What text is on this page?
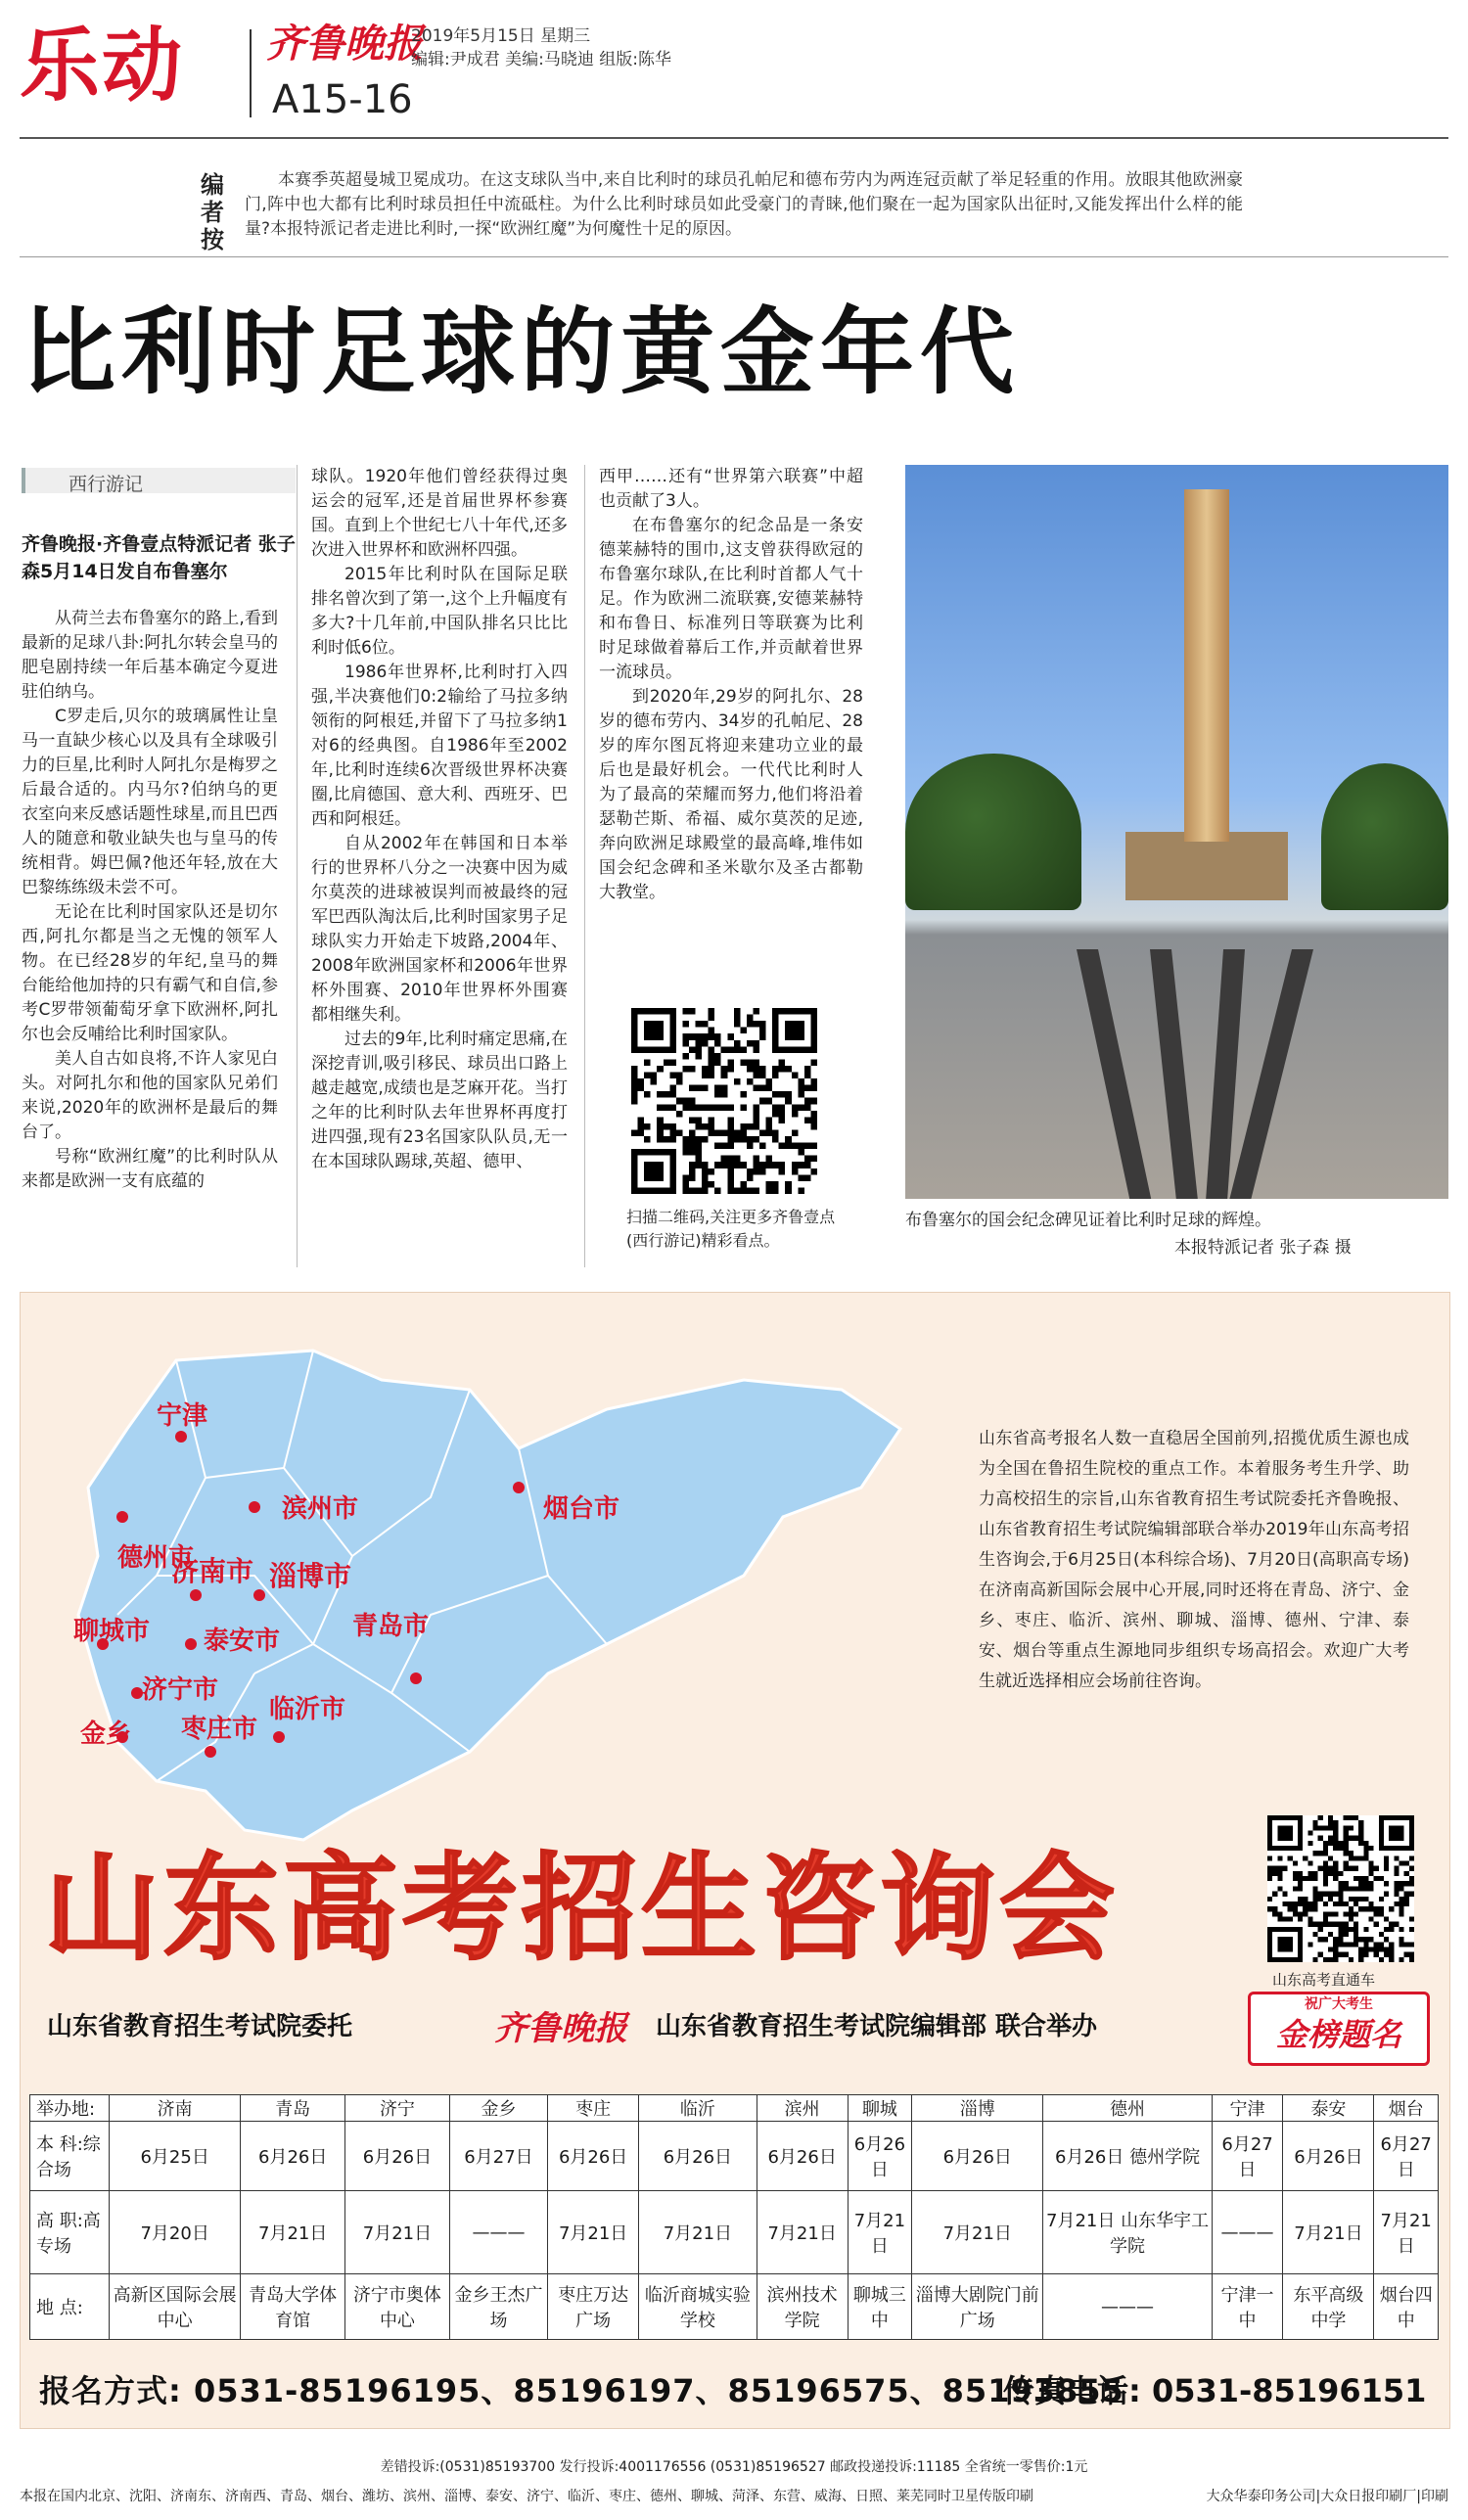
乐动 齐鲁晚报
A15-16
2019年5月15日 星期三
编辑:尹成君 美编:马晓迪 组版:陈华
编者按
本赛季英超曼城卫冕成功。在这支球队当中,来自比利时的球员孔帕尼和德布劳内为两连冠贡献了举足轻重的作用。放眼其他欧洲豪门,阵中也大都有比利时球员担任中流砥柱。为什么比利时球员如此受豪门的青睐,他们聚在一起为国家队出征时,又能发挥出什么样的能量?本报特派记者走进比利时,一探“欧洲红魔”为何魔性十足的原因。
比利时足球的黄金年代
西行游记
齐鲁晚报·齐鲁壹点特派记者 张子森5月14日发自布鲁塞尔

从荷兰去布鲁塞尔的路上,看到最新的足球八卦:阿扎尔转会皇马的肥皂剧持续一年后基本确定今夏进驻伯纳乌。

C罗走后,贝尔的玻璃属性让皇马一直缺少核心以及具有全球吸引力的巨星,比利时人阿扎尔是梅罗之后最合适的。内马尔?伯纳乌的更衣室向来反感话题性球星,而且巴西人的随意和敬业缺失也与皇马的传统相背。姆巴佩?他还年轻,放在大巴黎练练级未尝不可。

无论在比利时国家队还是切尔西,阿扎尔都是当之无愧的领军人物。在已经28岁的年纪,皇马的舞台能给他加持的只有霸气和自信,参考C罗带领葡萄牙拿下欧洲杯,阿扎尔也会反哺给比利时国家队。

美人自古如良将,不许人家见白头。对阿扎尔和他的国家队兄弟们来说,2020年的欧洲杯是最后的舞台了。

号称“欧洲红魔”的比利时队从来都是欧洲一支有底蕴的

球队。1920年他们曾经获得过奥运会的冠军,还是首届世界杯参赛国。直到上个世纪七八十年代,还多次进入世界杯和欧洲杯四强。

2015年比利时队在国际足联排名曾次到了第一,这个上升幅度有多大?十几年前,中国队排名只比比利时低6位。

1986年世界杯,比利时打入四强,半决赛他们0:2输给了马拉多纳领衔的阿根廷,并留下了马拉多纳1对6的经典图。自1986年至2002年,比利时连续6次晋级世界杯决赛圈,比肩德国、意大利、西班牙、巴西和阿根廷。

自从2002年在韩国和日本举行的世界杯八分之一决赛中因为威尔莫茨的进球被误判而被最终的冠军巴西队淘汰后,比利时国家男子足球队实力开始走下坡路,2004年、2008年欧洲国家杯和2006年世界杯外围赛、2010年世界杯外围赛都相继失利。

过去的9年,比利时痛定思痛,在深挖青训,吸引移民、球员出口路上越走越宽,成绩也是芝麻开花。当打之年的比利时队去年世界杯再度打进四强,现有23名国家队队员,无一在本国球队踢球,英超、德甲、

西甲……还有“世界第六联赛”中超也贡献了3人。

在布鲁塞尔的纪念品是一条安德莱赫特的围巾,这支曾获得欧冠的布鲁塞尔球队,在比利时首都人气十足。作为欧洲二流联赛,安德莱赫特和布鲁日、标准列日等联赛为比利时足球做着幕后工作,并贡献着世界一流球员。

到2020年,29岁的阿扎尔、28岁的德布劳内、34岁的孔帕尼、28岁的库尔图瓦将迎来建功立业的最后也是最好机会。一代代比利时人为了最高的荣耀而努力,他们将沿着瑟勒芒斯、希福、威尔莫茨的足迹,奔向欧洲足球殿堂的最高峰,堆伟如国会纪念碑和圣米歇尔及圣古都勒大教堂。

扫描二维码,关注更多齐鲁壹点(西行游记)精彩看点。
布鲁塞尔的国会纪念碑见证着比利时足球的辉煌。
本报特派记者 张子森 摄
宁津
滨州市	烟台市
德州市
济南市 淄博市
聊城市 泰安市	青岛市
济宁市
金乡 枣庄市
临沂市
山东省高考报名人数一直稳居全国前列,招揽优质生源也成为全国在鲁招生院校的重点工作。本着服务考生升学、助力高校招生的宗旨,山东省教育招生考试院委托齐鲁晚报、山东省教育招生考试院编辑部联合举办2019年山东高考招生咨询会,于6月25日(本科综合场)、7月20日(高职高专场)在济南高新国际会展中心开展,同时还将在青岛、济宁、金乡、枣庄、临沂、滨州、聊城、淄博、德州、宁津、泰安、烟台等重点生源地同步组织专场高招会。欢迎广大考生就近选择相应会场前往咨询。
山东高考直通车
山东高考招生咨询会
山东省教育招生考试院委托	齐鲁晚报 山东省教育招生考试院编辑部 联合举办
祝广大考生
金榜题名
举办地:	济南	青岛	济宁	金乡	枣庄	临沂	滨州	聊城	淄博	德州	宁津	泰安	烟台
本 科:综合场	6月25日	6月26日	6月26日	6月27日	6月26日	6月26日	6月26日	6月26日	6月26日	6月26日 德州学院	6月27日	6月26日	6月27日
高 职:高专场	7月20日	7月21日	7月21日	———	7月21日	7月21日	7月21日	7月21日	7月21日	7月21日 山东华宇工学院	———	7月21日	7月21日
地 点:	高新区国际会展中心	青岛大学体育馆	济宁市奥体中心	金乡王杰广场	枣庄万达广场	临沂商城实验学校	滨州技术学院	聊城三中	淄博大剧院门前广场	———	宁津一中	东平高级中学	烟台四中
报名方式: 0531-85196195、85196197、85196575、85193855
传真电话: 0531-85196151
差错投诉:(0531)85193700 发行投诉:4001176556 (0531)85196527 邮政投递投诉:11185 全省统一零售价:1元
本报在国内北京、沈阳、济南东、济南西、青岛、烟台、潍坊、滨州、淄博、泰安、济宁、临沂、枣庄、德州、聊城、菏泽、东营、威海、日照、莱芜同时卫星传版印刷	大众华泰印务公司|大众日报印刷厂|印刷
